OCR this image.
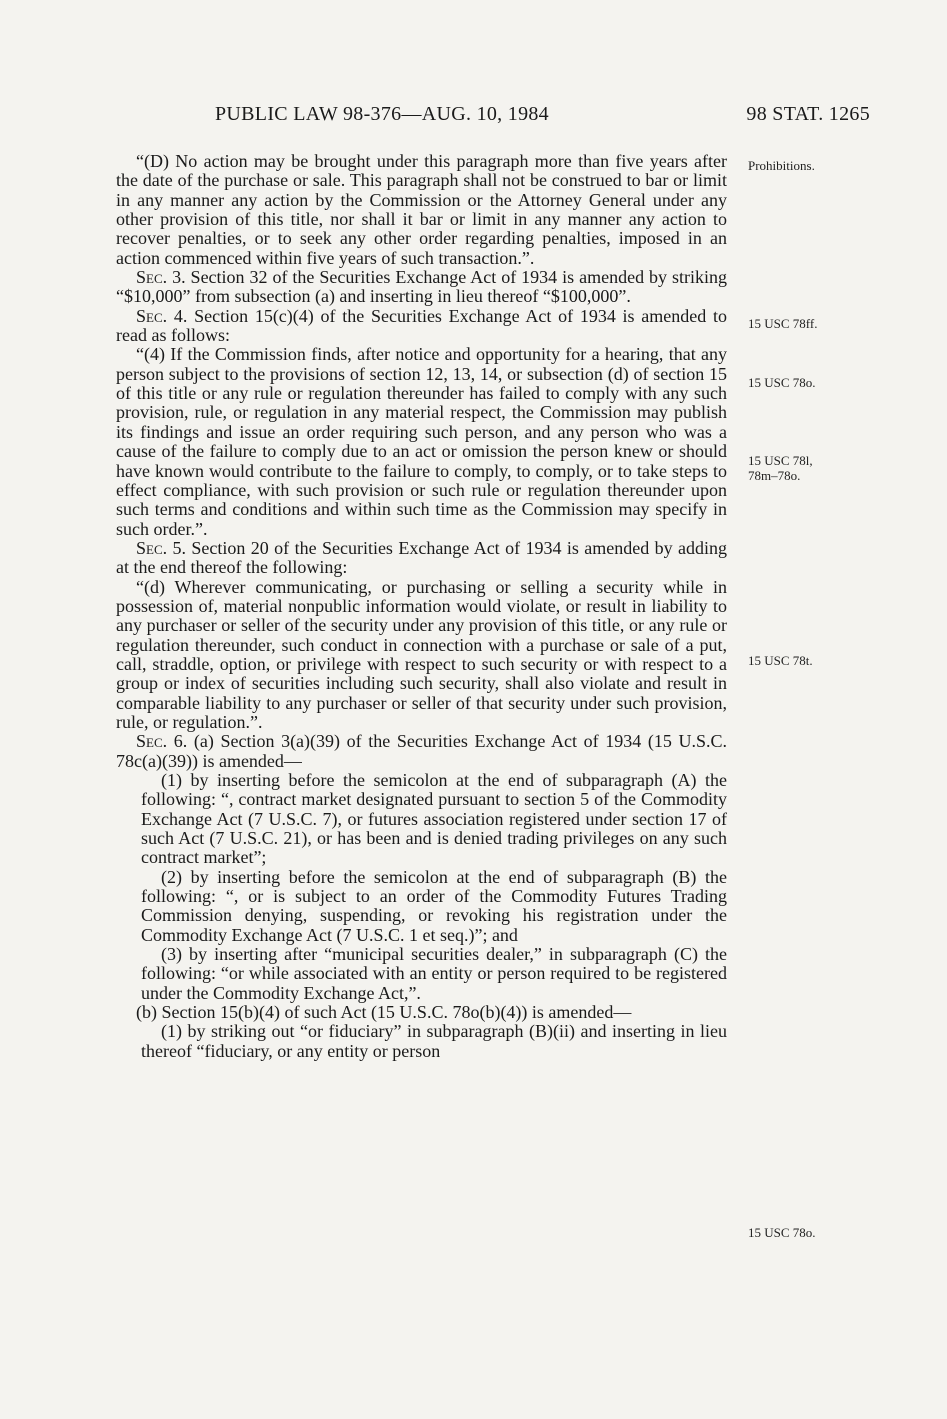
PUBLIC LAW 98-376—AUG. 10, 1984	98 STAT. 1265

“(D) No action may be brought under this paragraph more than five years after the date of the purchase or sale. This paragraph shall not be construed to bar or limit in any manner any action by the Commission or the Attorney General under any other provision of this title, nor shall it bar or limit in any manner any action to recover penalties, or to seek any other order regarding penalties, imposed in an action commenced within five years of such transaction.”.

Sec. 3. Section 32 of the Securities Exchange Act of 1934 is amended by striking “$10,000” from subsection (a) and inserting in lieu thereof “$100,000”.

Sec. 4. Section 15(c)(4) of the Securities Exchange Act of 1934 is amended to read as follows:

“(4) If the Commission finds, after notice and opportunity for a hearing, that any person subject to the provisions of section 12, 13, 14, or subsection (d) of section 15 of this title or any rule or regulation thereunder has failed to comply with any such provision, rule, or regulation in any material respect, the Commission may publish its findings and issue an order requiring such person, and any person who was a cause of the failure to comply due to an act or omission the person knew or should have known would contribute to the failure to comply, to comply, or to take steps to effect compliance, with such provision or such rule or regulation thereunder upon such terms and conditions and within such time as the Commission may specify in such order.”.

Sec. 5. Section 20 of the Securities Exchange Act of 1934 is amended by adding at the end thereof the following:

“(d) Wherever communicating, or purchasing or selling a security while in possession of, material nonpublic information would violate, or result in liability to any purchaser or seller of the security under any provision of this title, or any rule or regulation thereunder, such conduct in connection with a purchase or sale of a put, call, straddle, option, or privilege with respect to such security or with respect to a group or index of securities including such security, shall also violate and result in comparable liability to any purchaser or seller of that security under such provision, rule, or regulation.”.

Sec. 6. (a) Section 3(a)(39) of the Securities Exchange Act of 1934 (15 U.S.C. 78c(a)(39)) is amended—

(1) by inserting before the semicolon at the end of subparagraph (A) the following: “, contract market designated pursuant to section 5 of the Commodity Exchange Act (7 U.S.C. 7), or futures association registered under section 17 of such Act (7 U.S.C. 21), or has been and is denied trading privileges on any such contract market”;

(2) by inserting before the semicolon at the end of subparagraph (B) the following: “, or is subject to an order of the Commodity Futures Trading Commission denying, suspending, or revoking his registration under the Commodity Exchange Act (7 U.S.C. 1 et seq.)”; and

(3) by inserting after “municipal securities dealer,” in subparagraph (C) the following: “or while associated with an entity or person required to be registered under the Commodity Exchange Act,”.

(b) Section 15(b)(4) of such Act (15 U.S.C. 78o(b)(4)) is amended—

(1) by striking out “or fiduciary” in subparagraph (B)(ii) and inserting in lieu thereof “fiduciary, or any entity or person

Prohibitions.
15 USC 78ff.
15 USC 78o.
15 USC 78l,
78m–78o.
15 USC 78t.
15 USC 78o.
